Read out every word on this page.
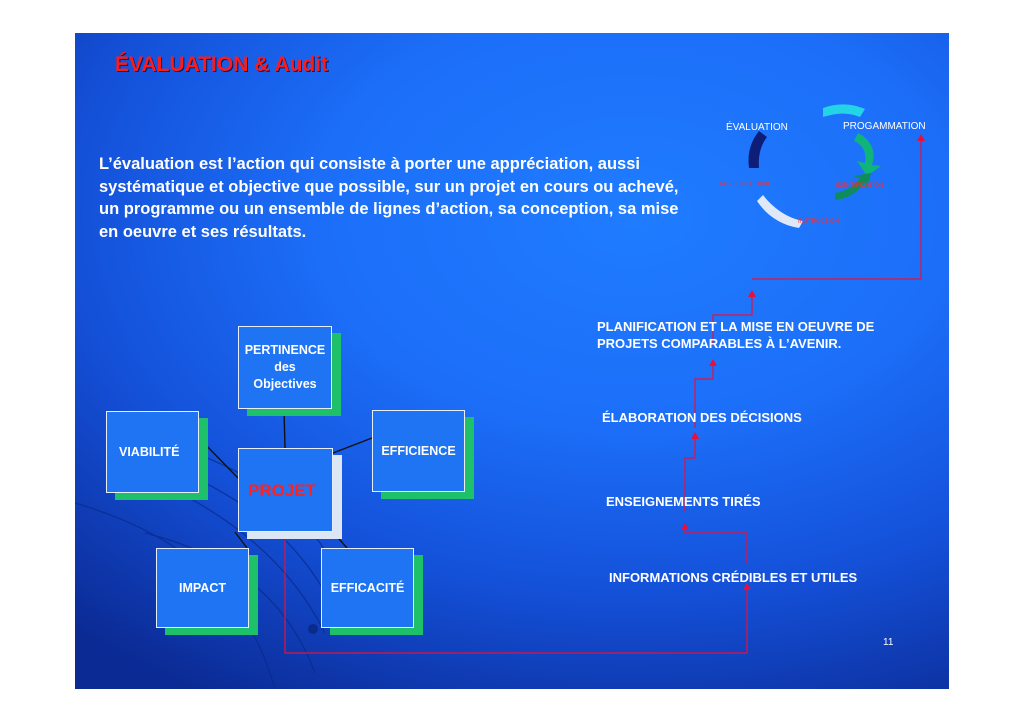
ÉVALUATION & Audit

L’évaluation est l’action qui consiste à porter une appréciation, aussi systématique et objective que possible, sur un projet en cours ou achevé, un programme ou un ensemble de lignes d’action, sa conception, sa mise en oeuvre et ses résultats.

ÉVALUATION	PROGAMMATION
MISE EN OEUVRE	IDENTIFICATION
INSTRUCTION
PERTINENCE
des
Objectives
EFFICIENCE
VIABILITÉ
PROJET
IMPACT	EFFICACITÉ

PLANIFICATION ET LA MISE EN OEUVRE DE PROJETS COMPARABLES À L’AVENIR.

ÉLABORATION DES DÉCISIONS

ENSEIGNEMENTS TIRÉS

INFORMATIONS CRÉDIBLES ET UTILES

11
